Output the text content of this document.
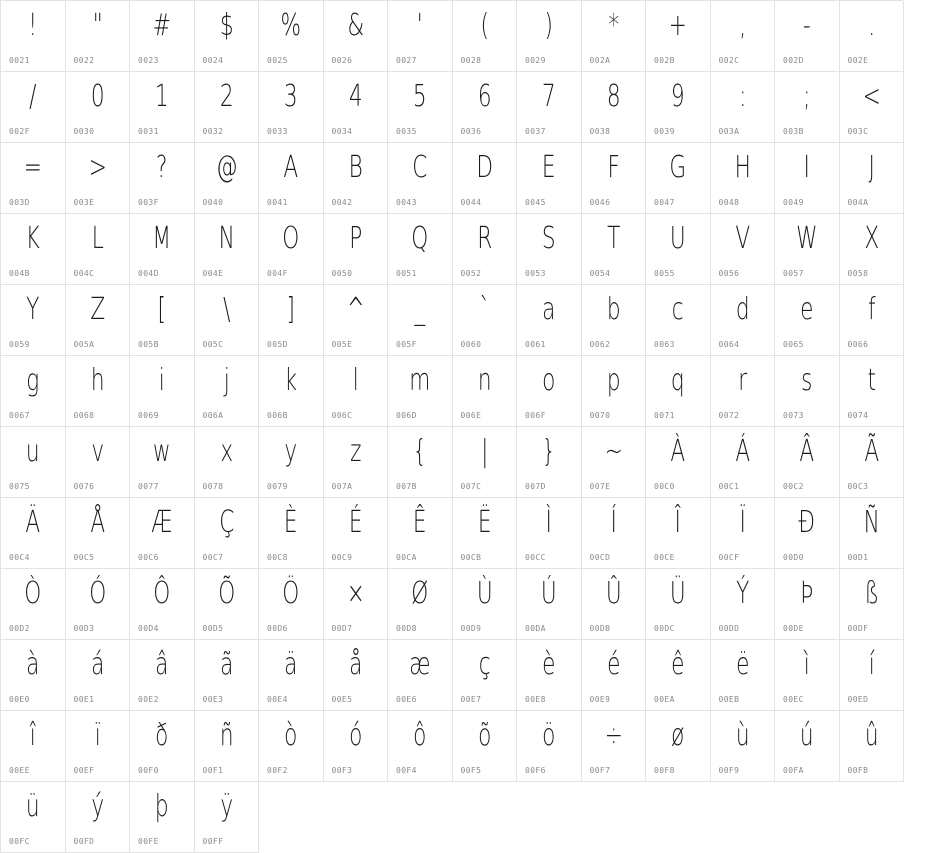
!
0021
"
0022
#
0023
$
0024
%
0025
&
0026
'
0027
(
0028
)
0029
*
002A
+
002B
,
002C
-
002D
.
002E
/
002F
0
0030
1
0031
2
0032
3
0033
4
0034
5
0035
6
0036
7
0037
8
0038
9
0039
:
003A
;
003B
<
003C
=
003D
>
003E
?
003F
@
0040
A
0041
B
0042
C
0043
D
0044
E
0045
F
0046
G
0047
H
0048
I
0049
J
004A
K
004B
L
004C
M
004D
N
004E
O
004F
P
0050
Q
0051
R
0052
S
0053
T
0054
U
0055
V
0056
W
0057
X
0058
Y
0059
Z
005A
[
005B
\
005C
]
005D
^
005E
_
005F
`
0060
a
0061
b
0062
c
0063
d
0064
e
0065
f
0066
g
0067
h
0068
i
0069
j
006A
k
006B
l
006C
m
006D
n
006E
o
006F
p
0070
q
0071
r
0072
s
0073
t
0074
u
0075
v
0076
w
0077
x
0078
y
0079
z
007A
{
007B
|
007C
}
007D
~
007E
À
00C0
Á
00C1
Â
00C2
Ã
00C3
Ä
00C4
Å
00C5
Æ
00C6
Ç
00C7
È
00C8
É
00C9
Ê
00CA
Ë
00CB
Ì
00CC
Í
00CD
Î
00CE
Ï
00CF
Ð
00D0
Ñ
00D1
Ò
00D2
Ó
00D3
Ô
00D4
Õ
00D5
Ö
00D6
×
00D7
Ø
00D8
Ù
00D9
Ú
00DA
Û
00DB
Ü
00DC
Ý
00DD
Þ
00DE
ß
00DF
à
00E0
á
00E1
â
00E2
ã
00E3
ä
00E4
å
00E5
æ
00E6
ç
00E7
è
00E8
é
00E9
ê
00EA
ë
00EB
ì
00EC
í
00ED
î
00EE
ï
00EF
ð
00F0
ñ
00F1
ò
00F2
ó
00F3
ô
00F4
õ
00F5
ö
00F6
÷
00F7
ø
00F8
ù
00F9
ú
00FA
û
00FB
ü
00FC
ý
00FD
þ
00FE
ÿ
00FF
